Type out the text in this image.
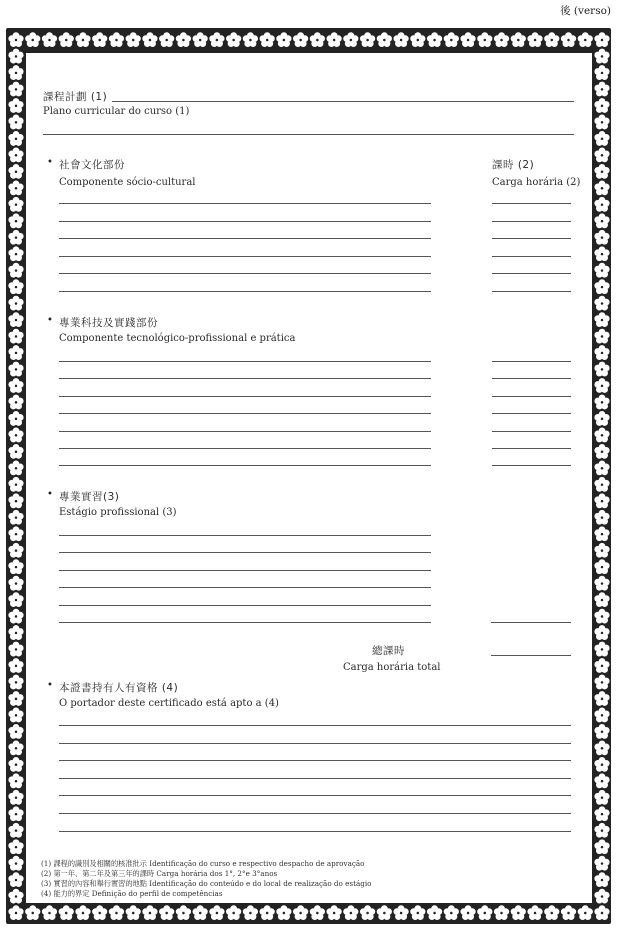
後 (verso)
課程計劃 (1)
Plano curricular do curso (1)
• 社會文化部份
Componente sócio-cultural
課時 (2)
Carga horária (2)
• 專業科技及實踐部份
Componente tecnológico-profissional e prática
• 專業實習(3)
Estágio profissional (3)
總課時
Carga horária total
• 本證書持有人有資格 (4)
O portador deste certificado está apto a (4)
(1) 課程的識別及相關的核准批示 Identificação do curso e respectivo despacho de aprovação
(2) 第一年、第二年及第三年的課時 Carga horária dos 1°, 2°e 3°anos
(3) 實習的內容和舉行實習的地點 Identificação do conteúdo e do local de realização do estágio
(4) 能力的界定 Definição do perfil de competências
